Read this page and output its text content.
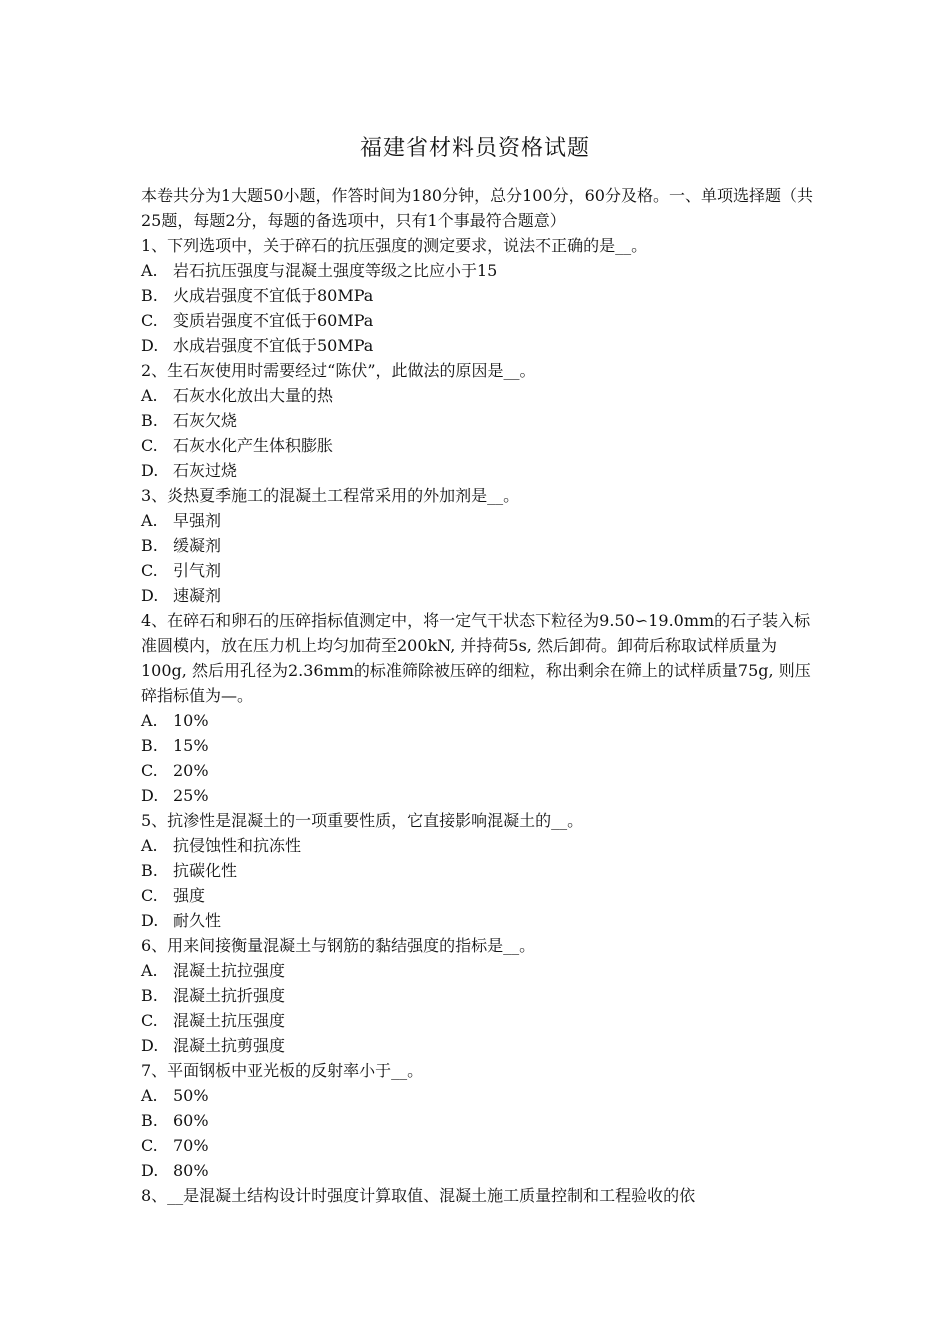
福建省材料员资格试题

本卷共分为1大题50小题，作答时间为180分钟，总分100分，60分及格。一、单项选择题（共25题，每题2分，每题的备选项中，只有1个事最符合题意）

1、下列选项中，关于碎石的抗压强度的测定要求，说法不正确的是__。

A. 岩石抗压强度与混凝土强度等级之比应小于15
B. 火成岩强度不宜低于80MPa
C. 变质岩强度不宜低于60MPa
D. 水成岩强度不宜低于50MPa

2、生石灰使用时需要经过“陈伏”，此做法的原因是__。

A. 石灰水化放出大量的热
B. 石灰欠烧
C. 石灰水化产生体积膨胀
D. 石灰过烧

3、炎热夏季施工的混凝土工程常采用的外加剂是__。

A. 早强剂
B. 缓凝剂
C. 引气剂
D. 速凝剂

4、在碎石和卵石的压碎指标值测定中，将一定气干状态下粒径为9.50∽19.0mm的石子装入标准圆模内，放在压力机上均匀加荷至200kN, 并持荷5s, 然后卸荷。卸荷后称取试样质量为100g, 然后用孔径为2.36mm的标准筛除被压碎的细粒，称出剩余在筛上的试样质量75g, 则压碎指标值为—。

A. 10%
B. 15%
C. 20%
D. 25%

5、抗渗性是混凝土的一项重要性质，它直接影响混凝土的__。

A. 抗侵蚀性和抗冻性
B. 抗碳化性
C. 强度
D. 耐久性

6、用来间接衡量混凝土与钢筋的黏结强度的指标是__。

A. 混凝土抗拉强度
B. 混凝土抗折强度
C. 混凝土抗压强度
D. 混凝土抗剪强度

7、平面钢板中亚光板的反射率小于__。

A. 50%
B. 60%
C. 70%
D. 80%

8、__是混凝土结构设计时强度计算取值、混凝土施工质量控制和工程验收的依
